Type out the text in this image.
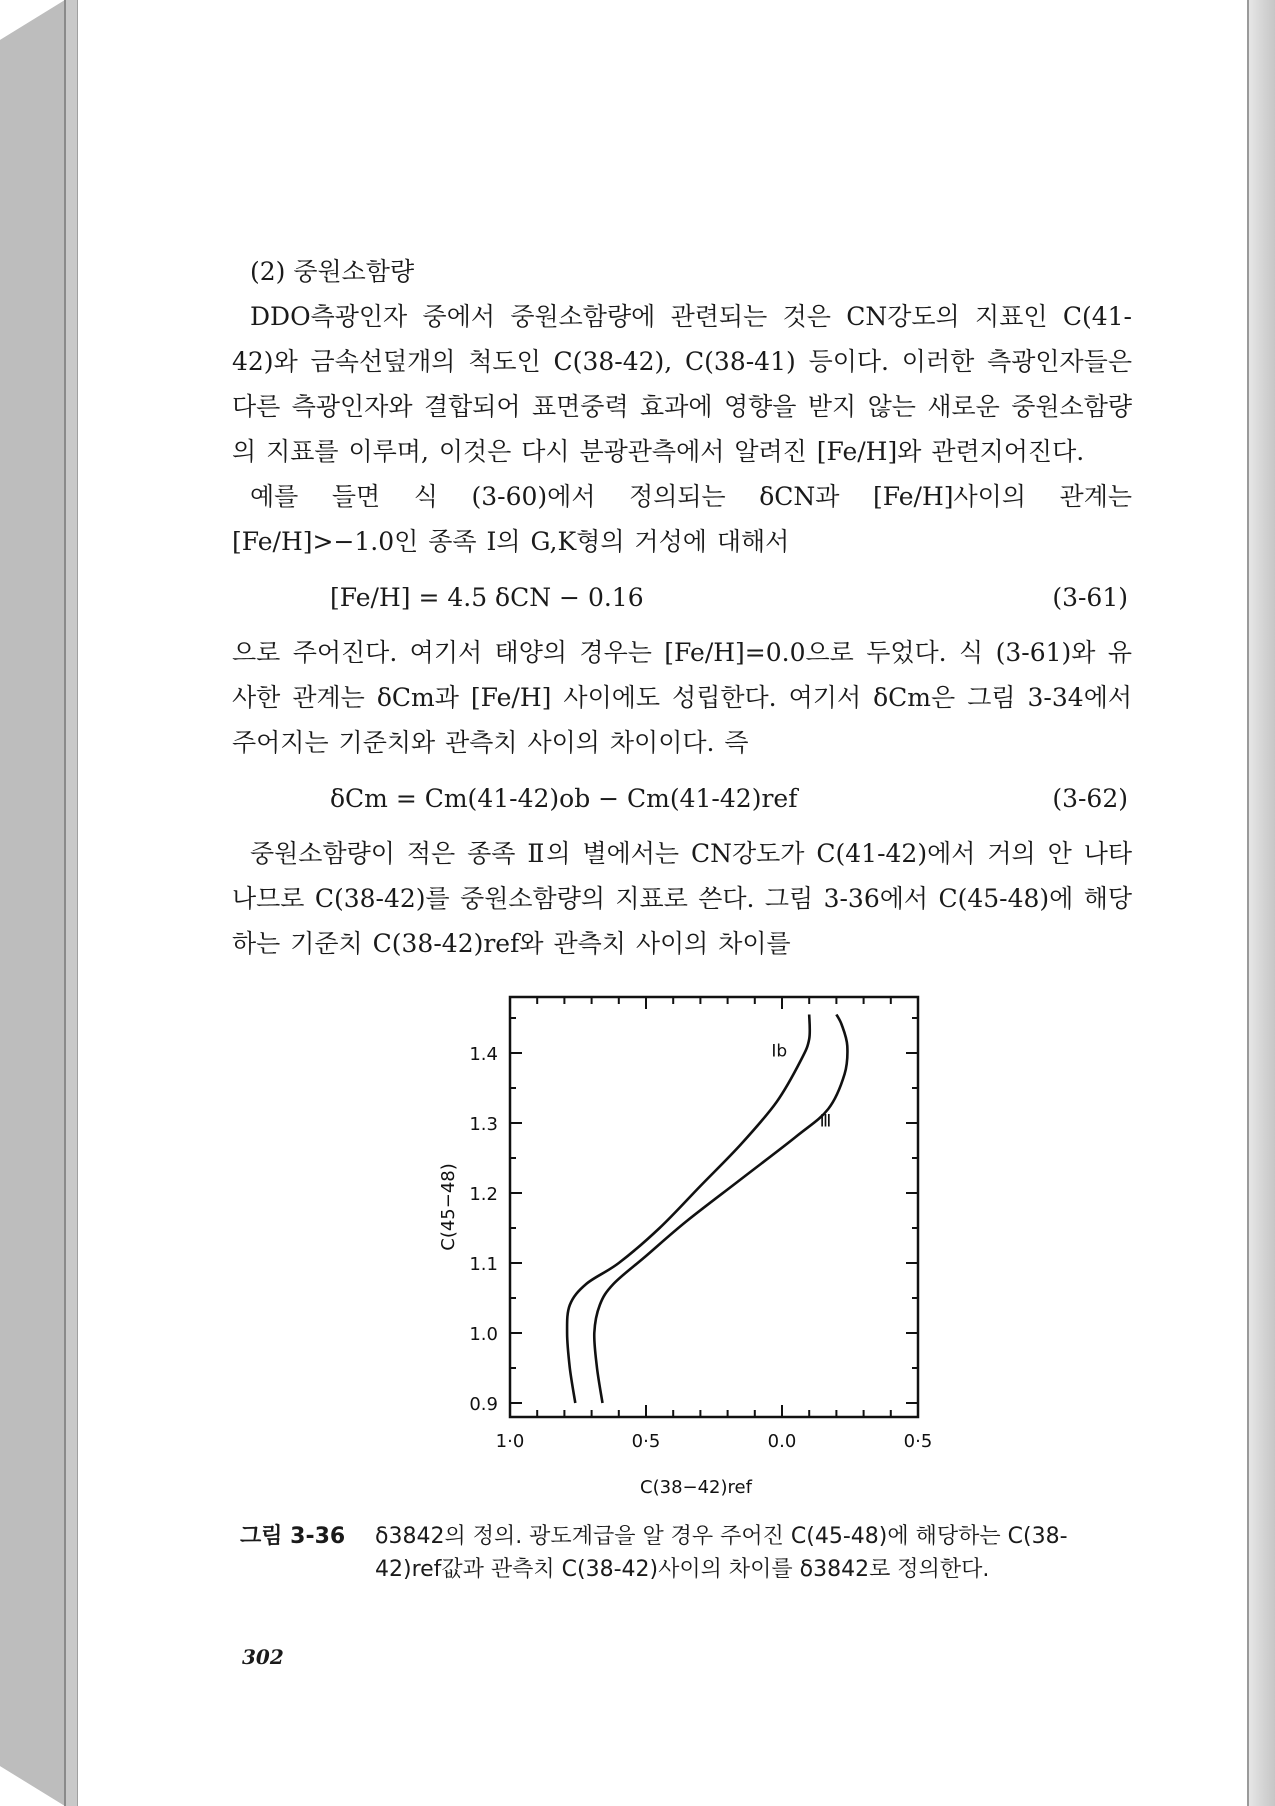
(2) 중원소함량

DDO측광인자 중에서 중원소함량에 관련되는 것은 CN강도의 지표인 C(41-42)와 금속선덮개의 척도인 C(38-42), C(38-41) 등이다. 이러한 측광인자들은 다른 측광인자와 결합되어 표면중력 효과에 영향을 받지 않는 새로운 중원소함량의 지표를 이루며, 이것은 다시 분광관측에서 알려진 [Fe/H]와 관련지어진다.

예를 들면 식 (3-60)에서 정의되는 δCN과 [Fe/H]사이의 관계는 [Fe/H]>−1.0인 종족 Ⅰ의 G,K형의 거성에 대해서

[Fe/H] = 4.5 δCN − 0.16	(3-61)

으로 주어진다. 여기서 태양의 경우는 [Fe/H]=0.0으로 두었다. 식 (3-61)와 유사한 관계는 δCm과 [Fe/H] 사이에도 성립한다. 여기서 δCm은 그림 3-34에서 주어지는 기준치와 관측치 사이의 차이이다. 즉

δCm = Cm(41-42)ob − Cm(41-42)ref	(3-62)

중원소함량이 적은 종족 Ⅱ의 별에서는 CN강도가 C(41-42)에서 거의 안 나타나므로 C(38-42)를 중원소함량의 지표로 쓴다. 그림 3-36에서 C(45-48)에 해당하는 기준치 C(38-42)ref와 관측치 사이의 차이를

Ib
Ⅲ
1·0	0·5	0.0	0·5
0.9
1.0
1.1
1.2
1.3
1.4
C(38−42)ref
C(45−48)
그림 3-36	δ3842의 정의. 광도계급을 알 경우 주어진 C(45-48)에 해당하는 C(38-42)ref값과 관측치 C(38-42)사이의 차이를 δ3842로 정의한다.
302
